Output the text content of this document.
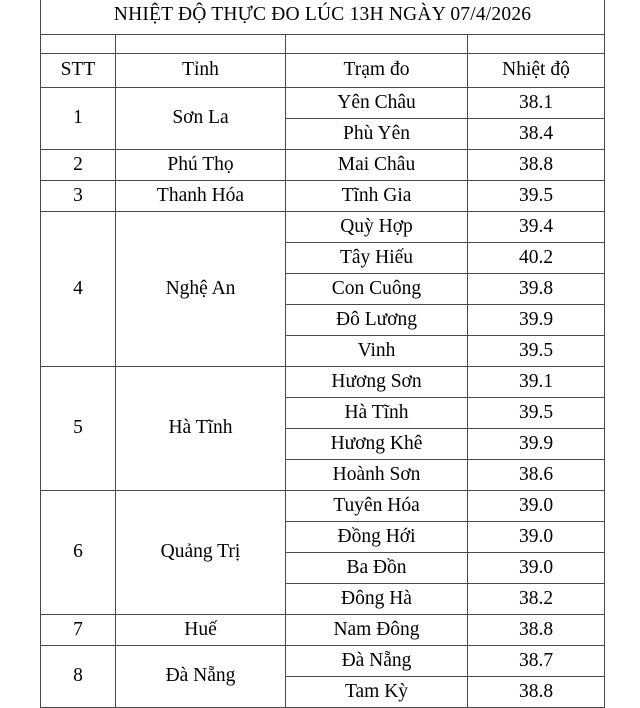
NHIỆT ĐỘ THỰC ĐO LÚC 13H NGÀY 07/4/2026			

STT	Tỉnh	Trạm đo	Nhiệt độ
1	Sơn La	Yên Châu	38.1
		Phù Yên	38.4
2	Phú Thọ	Mai Châu	38.8
3	Thanh Hóa	Tĩnh Gia	39.5
4	Nghệ An	Quỳ Hợp	39.4
		Tây Hiếu	40.2
		Con Cuông	39.8
		Đô Lương	39.9
		Vinh	39.5
5	Hà Tĩnh	Hương Sơn	39.1
		Hà Tĩnh	39.5
		Hương Khê	39.9
		Hoành Sơn	38.6
6	Quảng Trị	Tuyên Hóa	39.0
		Đồng Hới	39.0
		Ba Đồn	39.0
		Đông Hà	38.2
7	Huế	Nam Đông	38.8
8	Đà Nẵng	Đà Nẵng	38.7
		Tam Kỳ	38.8
